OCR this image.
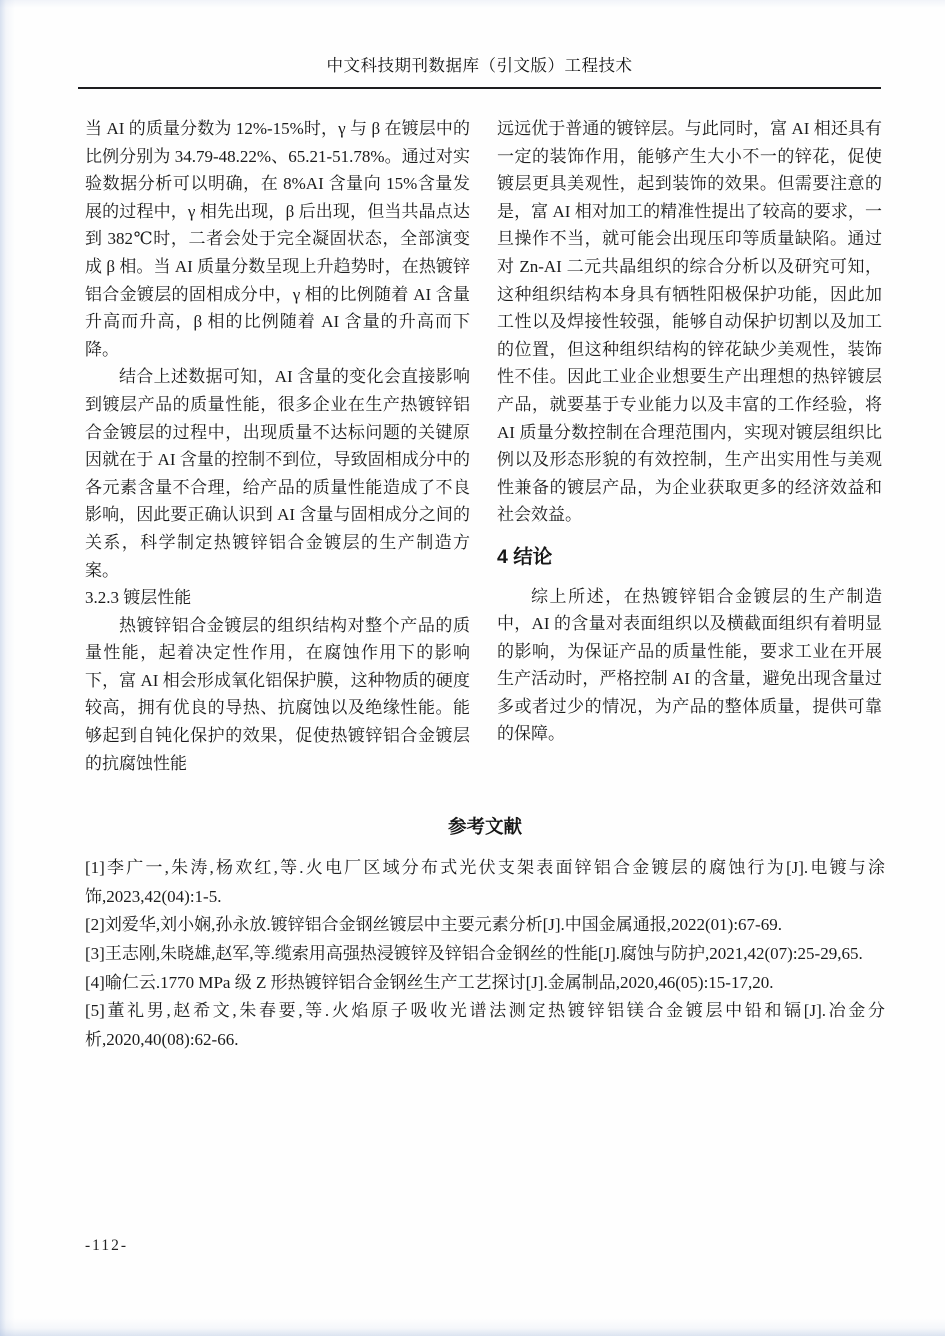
中文科技期刊数据库（引文版）工程技术

当 AI 的质量分数为 12%-15%时，γ 与 β 在镀层中的比例分别为 34.79-48.22%、65.21-51.78%。通过对实验数据分析可以明确，在 8%AI 含量向 15%含量发展的过程中，γ 相先出现，β 后出现，但当共晶点达到 382℃时，二者会处于完全凝固状态，全部演变成 β 相。当 AI 质量分数呈现上升趋势时，在热镀锌铝合金镀层的固相成分中，γ 相的比例随着 AI 含量升高而升高，β 相的比例随着 AI 含量的升高而下降。

结合上述数据可知，AI 含量的变化会直接影响到镀层产品的质量性能，很多企业在生产热镀锌铝合金镀层的过程中，出现质量不达标问题的关键原因就在于 AI 含量的控制不到位，导致固相成分中的各元素含量不合理，给产品的质量性能造成了不良影响，因此要正确认识到 AI 含量与固相成分之间的关系，科学制定热镀锌铝合金镀层的生产制造方案。

3.2.3 镀层性能

热镀锌铝合金镀层的组织结构对整个产品的质量性能，起着决定性作用，在腐蚀作用下的影响下，富 AI 相会形成氧化铝保护膜，这种物质的硬度较高，拥有优良的导热、抗腐蚀以及绝缘性能。能够起到自钝化保护的效果，促使热镀锌铝合金镀层的抗腐蚀性能

远远优于普通的镀锌层。与此同时，富 AI 相还具有一定的装饰作用，能够产生大小不一的锌花，促使镀层更具美观性，起到装饰的效果。但需要注意的是，富 AI 相对加工的精准性提出了较高的要求，一旦操作不当，就可能会出现压印等质量缺陷。通过对 Zn-AI 二元共晶组织的综合分析以及研究可知，这种组织结构本身具有牺牲阳极保护功能，因此加工性以及焊接性较强，能够自动保护切割以及加工的位置，但这种组织结构的锌花缺少美观性，装饰性不佳。因此工业企业想要生产出理想的热锌镀层产品，就要基于专业能力以及丰富的工作经验，将 AI 质量分数控制在合理范围内，实现对镀层组织比例以及形态形貌的有效控制，生产出实用性与美观性兼备的镀层产品，为企业获取更多的经济效益和社会效益。

4 结论

综上所述，在热镀锌铝合金镀层的生产制造中，AI 的含量对表面组织以及横截面组织有着明显的影响，为保证产品的质量性能，要求工业在开展生产活动时，严格控制 AI 的含量，避免出现含量过多或者过少的情况，为产品的整体质量，提供可靠的保障。

参考文献

[1]李广一,朱涛,杨欢红,等.火电厂区域分布式光伏支架表面锌铝合金镀层的腐蚀行为[J].电镀与涂饰,2023,42(04):1-5.

[2]刘爱华,刘小娴,孙永放.镀锌铝合金钢丝镀层中主要元素分析[J].中国金属通报,2022(01):67-69.

[3]王志刚,朱晓雄,赵军,等.缆索用高强热浸镀锌及锌铝合金钢丝的性能[J].腐蚀与防护,2021,42(07):25-29,65.

[4]喻仁云.1770 MPa 级 Z 形热镀锌铝合金钢丝生产工艺探讨[J].金属制品,2020,46(05):15-17,20.

[5]董礼男,赵希文,朱春要,等.火焰原子吸收光谱法测定热镀锌铝镁合金镀层中铅和镉[J].冶金分析,2020,40(08):62-66.

-112-
